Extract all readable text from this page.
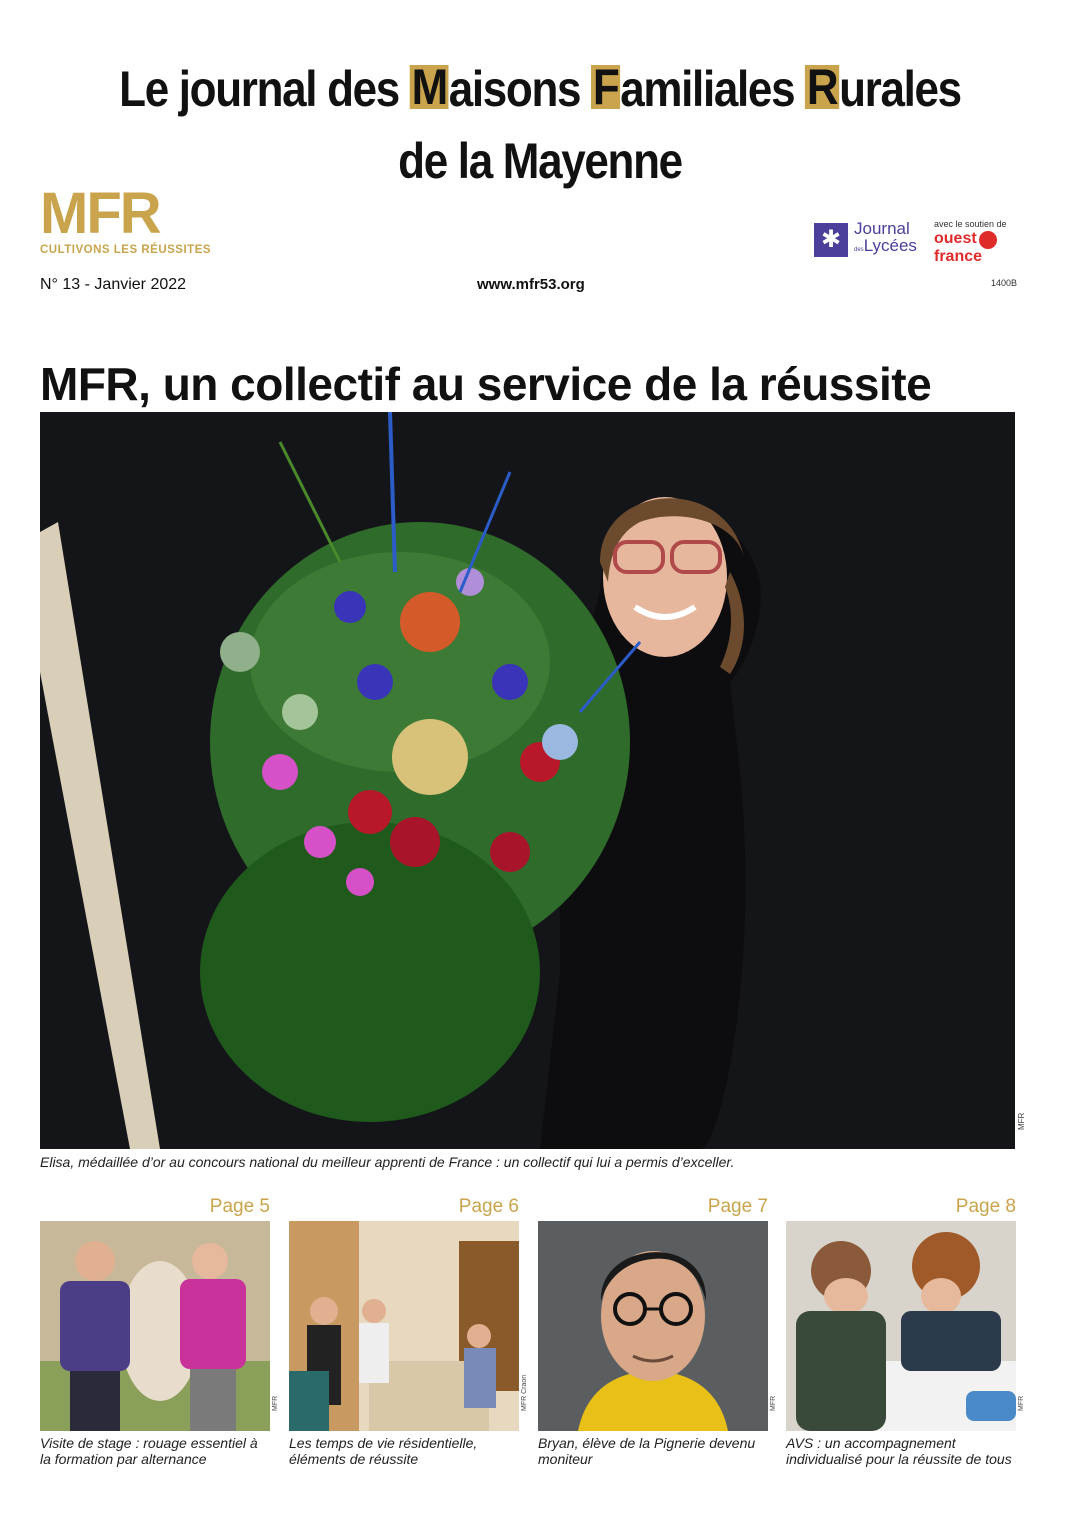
Le journal des Maisons Familiales Rurales
de la Mayenne
MFR
CULTIVONS LES RÉUSSITES	✱ Journal
desLycées
avec le soutien de
ouest
france
N° 13 - Janvier 2022	www.mfr53.org	1400B
MFR, un collectif au service de la réussite
MFR
Elisa, médaillée d’or au concours national du meilleur apprenti de France : un collectif qui lui a permis d’exceller.
Page 5
MFR
Visite de stage : rouage essentiel à la formation par alternance
Page 6
MFR Craon
Les temps de vie résidentielle, éléments de réussite
Page 7
MFR
Bryan, élève de la Pignerie devenu moniteur
Page 8
MFR
AVS : un accompagnement individualisé pour la réussite de tous
